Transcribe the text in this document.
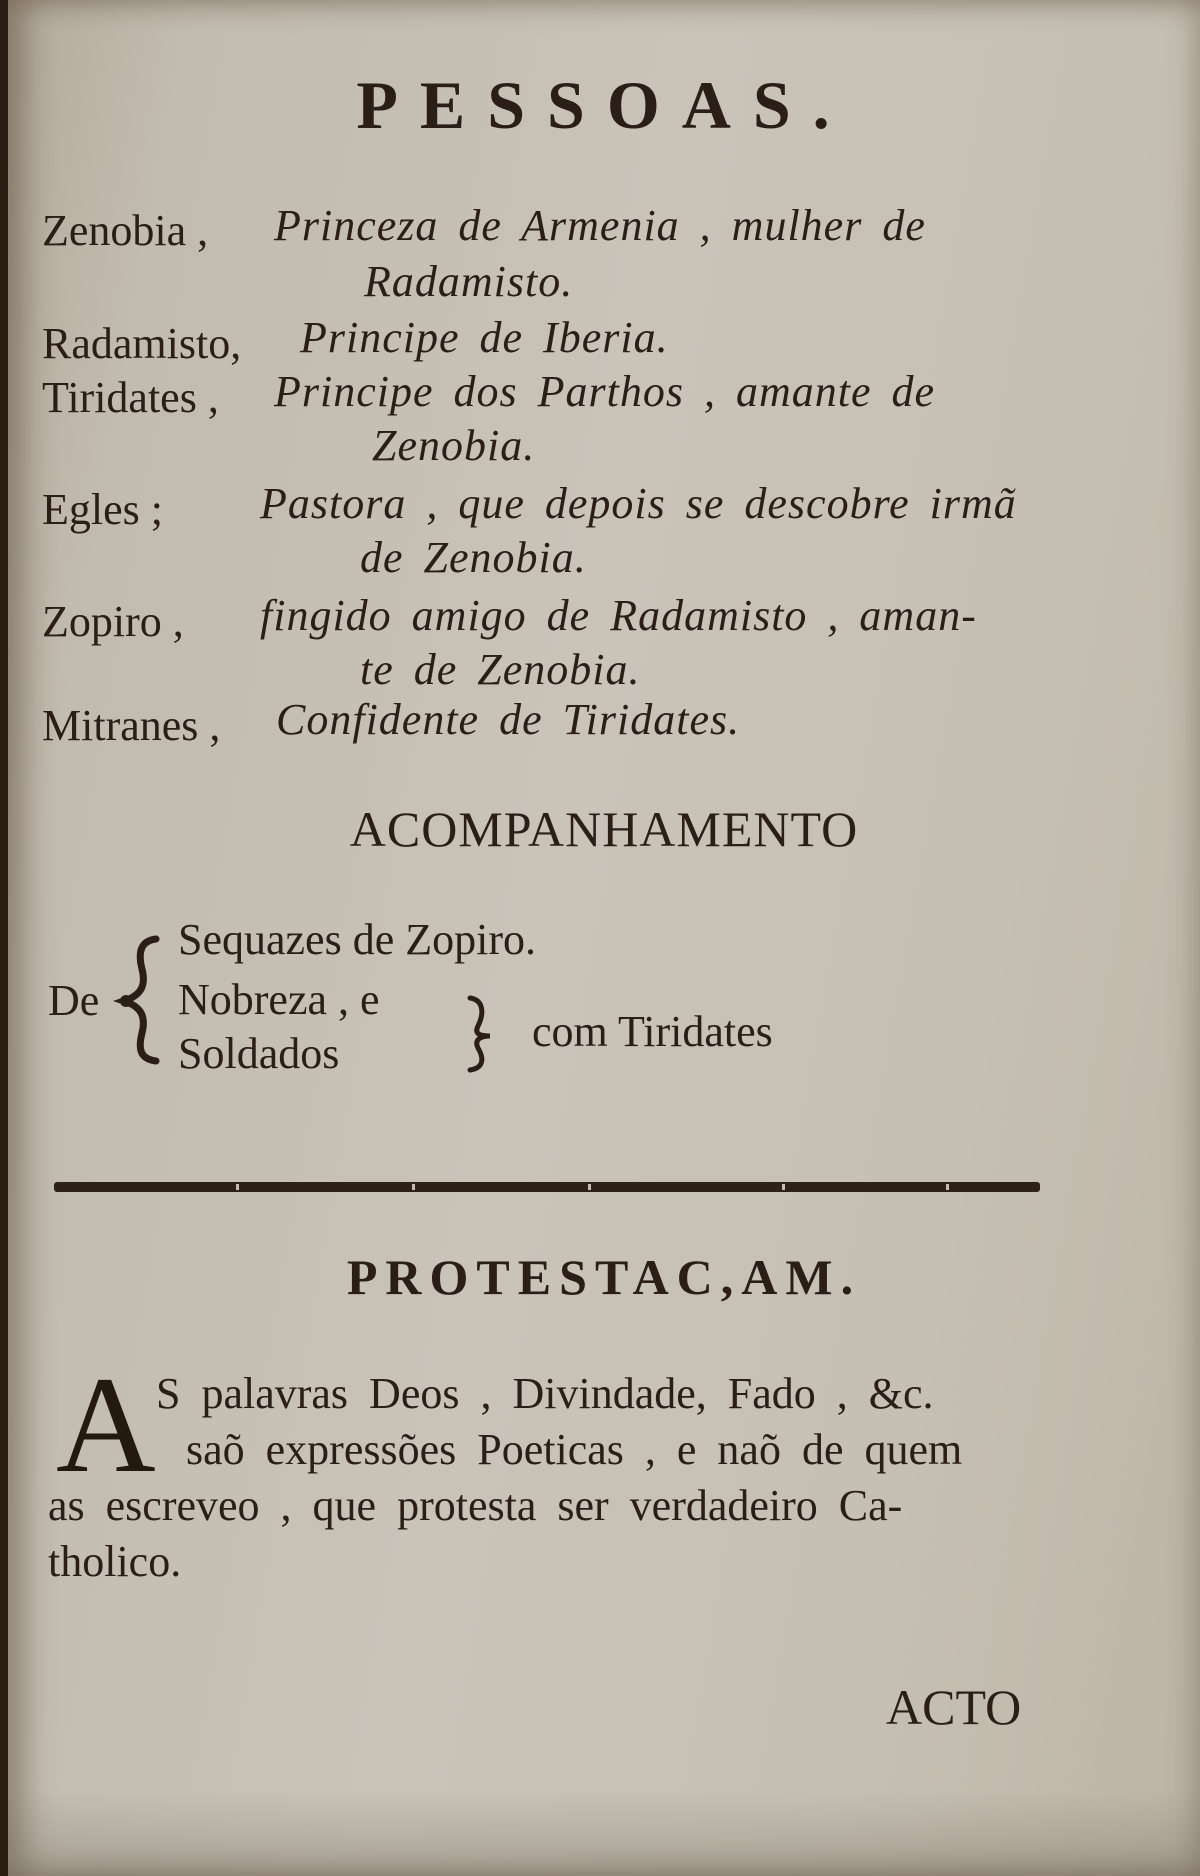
PESSOAS.
Zenobia , Princeza de Armenia , mulher de
Radamisto.
Radamisto, Principe de Iberia.
Tiridates , Principe dos Parthos , amante de
Zenobia.
Egles ; Pastora , que depois se descobre irmã
de Zenobia.
Zopiro , fingido amigo de Radamisto , aman-
te de Zenobia.
Mitranes , Confidente de Tiridates.
ACOMPANHAMENTO
De
Sequazes de Zopiro.
Nobreza , e
Soldados	com Tiridates
PROTESTAC,AM.
A S palavras Deos , Divindade, Fado , &c.
saõ expressões Poeticas , e naõ de quem
as escreveo , que protesta ser verdadeiro Ca-
tholico.
ACTO
